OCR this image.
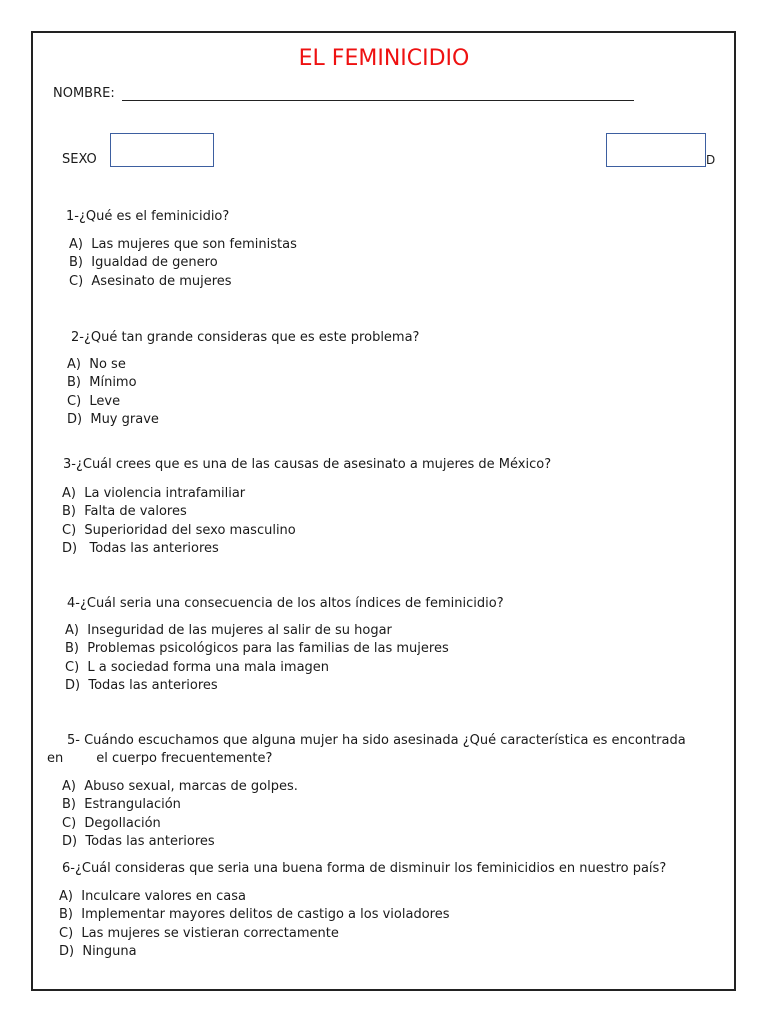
EL FEMINICIDIO
NOMBRE:
SEXO	D
1-¿Qué es el feminicidio?
A)  Las mujeres que son feministas
B)  Igualdad de genero
C)  Asesinato de mujeres
2-¿Qué tan grande consideras que es este problema?
A)  No se
B)  Mínimo
C)  Leve
D)  Muy grave
3-¿Cuál crees que es una de las causas de asesinato a mujeres de México?
A)  La violencia intrafamiliar
B)  Falta de valores
C)  Superioridad del sexo masculino
D)   Todas las anteriores
4-¿Cuál seria una consecuencia de los altos índices de feminicidio?
A)  Inseguridad de las mujeres al salir de su hogar
B)  Problemas psicológicos para las familias de las mujeres
C)  L a sociedad forma una mala imagen
D)  Todas las anteriores
5- Cuándo escuchamos que alguna mujer ha sido asesinada ¿Qué característica es encontrada
en        el cuerpo frecuentemente?
A)  Abuso sexual, marcas de golpes.
B)  Estrangulación
C)  Degollación
D)  Todas las anteriores
6-¿Cuál consideras que seria una buena forma de disminuir los feminicidios en nuestro país?
A)  Inculcare valores en casa
B)  Implementar mayores delitos de castigo a los violadores
C)  Las mujeres se vistieran correctamente
D)  Ninguna
